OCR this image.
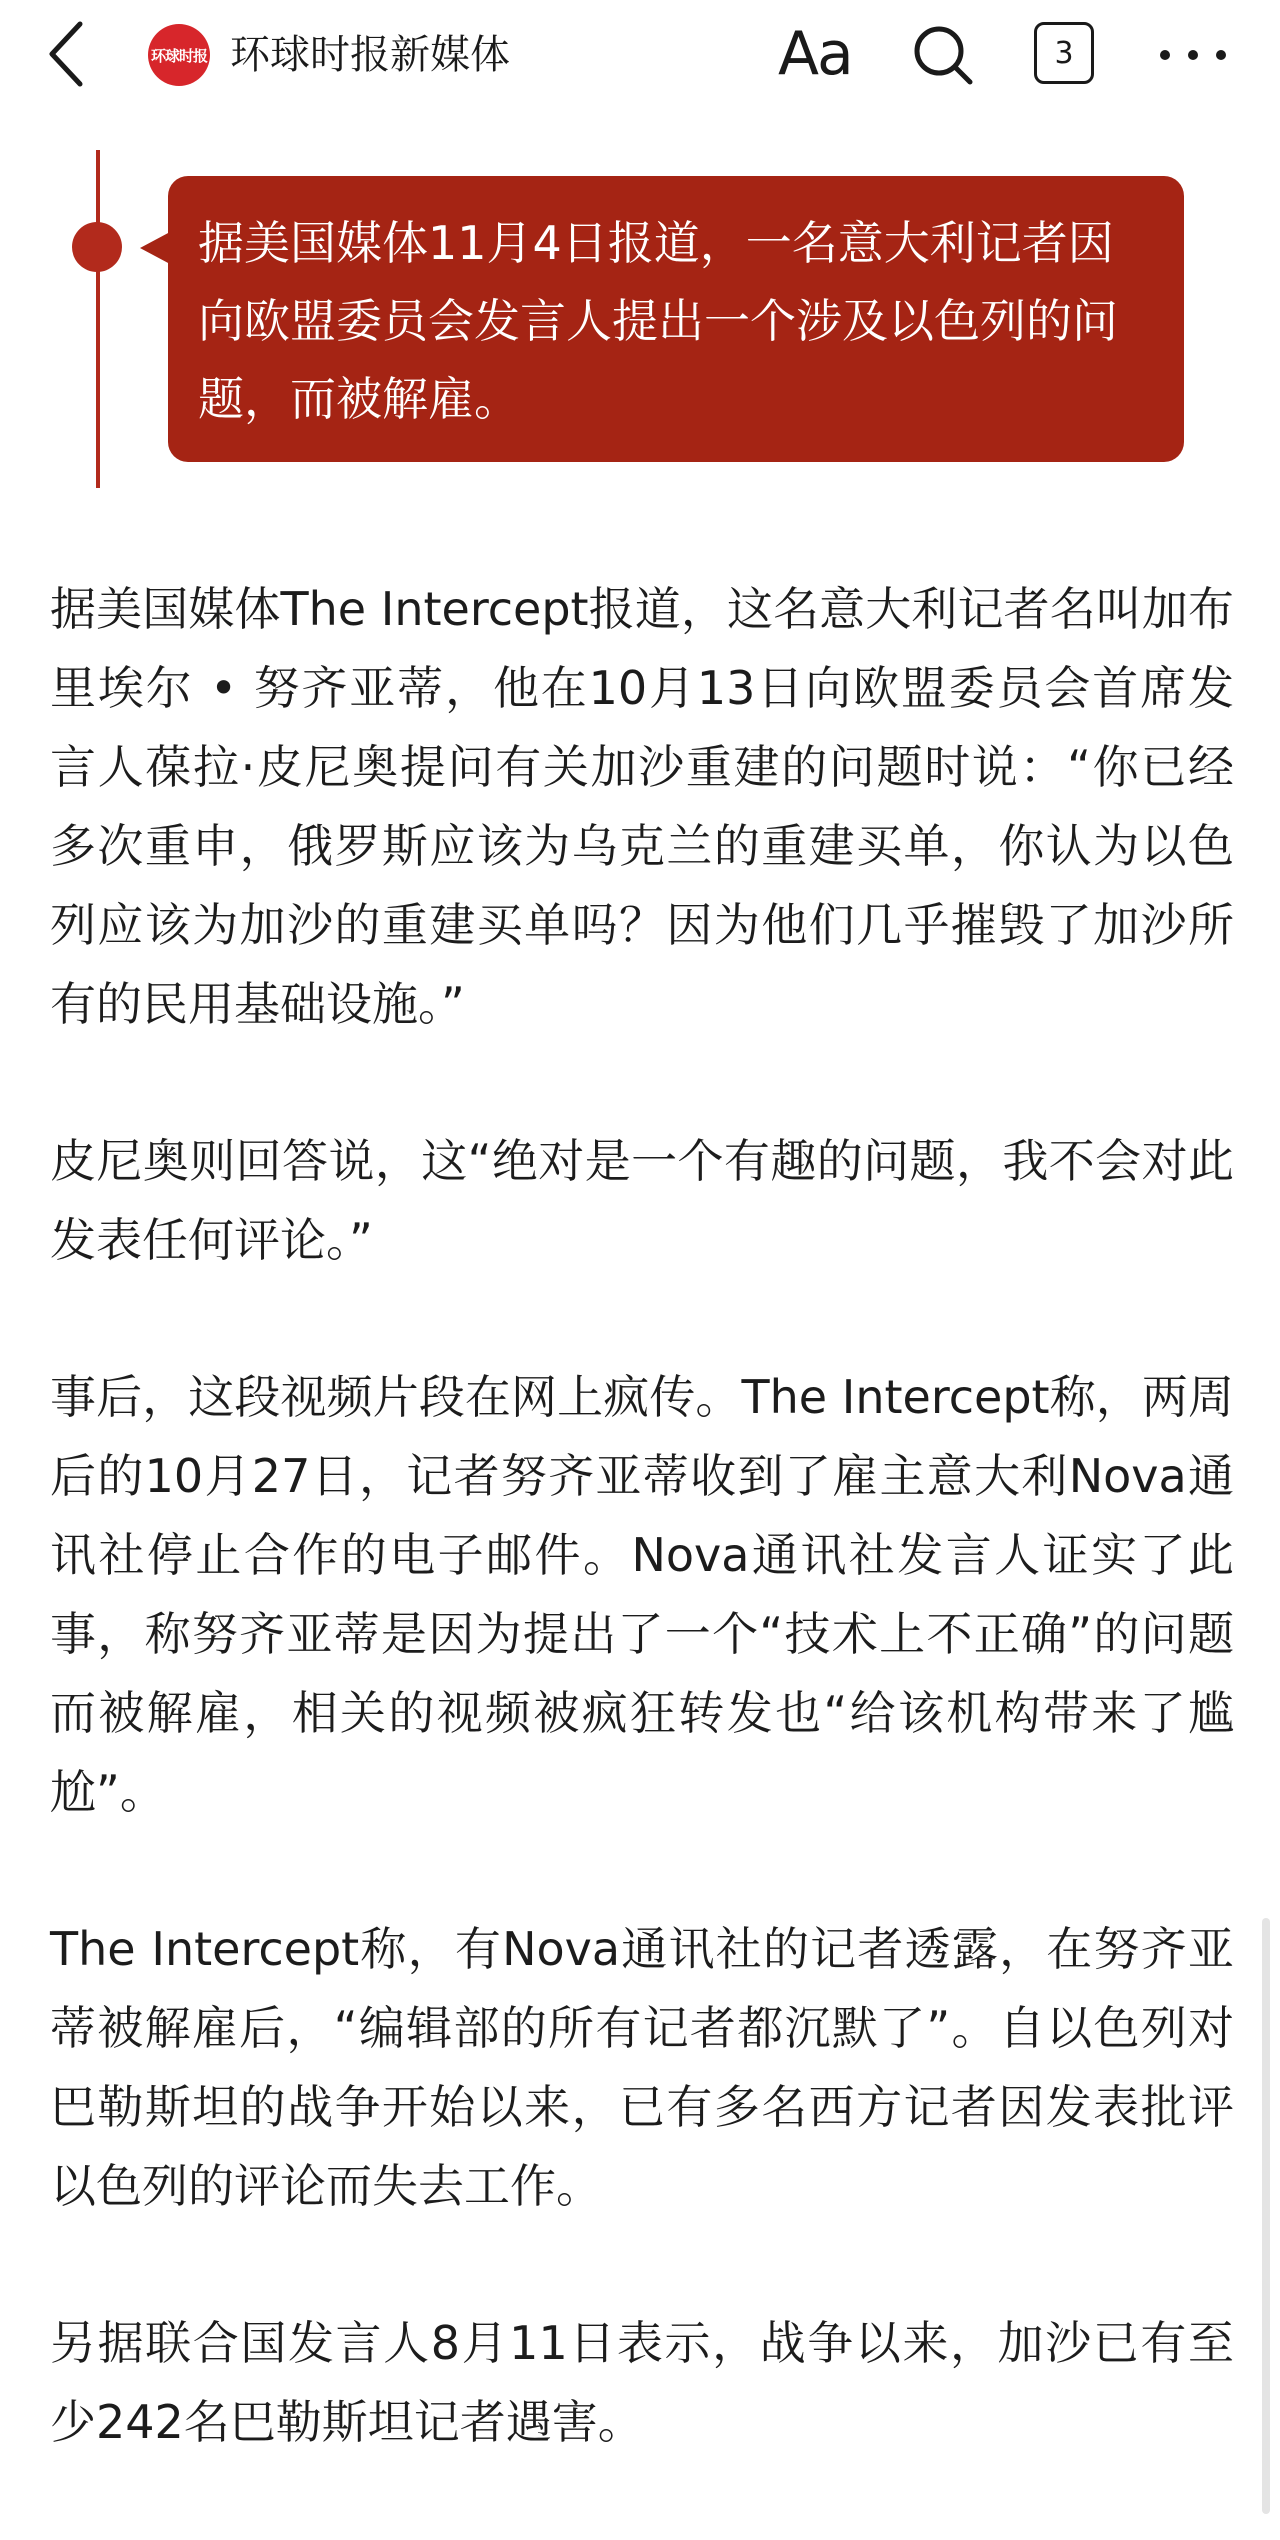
环球时报 环球时报新媒体	Aa	3

据美国媒体11月4日报道，一名意大利记者因向欧盟委员会发言人提出一个涉及以色列的问题，而被解雇。

据美国媒体The Intercept报道，这名意大利记者名叫加布里埃尔 • 努齐亚蒂，他在10月13日向欧盟委员会首席发言人葆拉·皮尼奥提问有关加沙重建的问题时说：“你已经多次重申，俄罗斯应该为乌克兰的重建买单，你认为以色列应该为加沙的重建买单吗？因为他们几乎摧毁了加沙所有的民用基础设施。”

皮尼奥则回答说，这“绝对是一个有趣的问题，我不会对此发表任何评论。”

事后，这段视频片段在网上疯传。The Intercept称，两周后的10月27日，记者努齐亚蒂收到了雇主意大利Nova通讯社停止合作的电子邮件。Nova通讯社发言人证实了此事，称努齐亚蒂是因为提出了一个“技术上不正确”的问题而被解雇，相关的视频被疯狂转发也“给该机构带来了尴尬”。

The Intercept称，有Nova通讯社的记者透露，在努齐亚蒂被解雇后，“编辑部的所有记者都沉默了”。自以色列对巴勒斯坦的战争开始以来，已有多名西方记者因发表批评以色列的评论而失去工作。

另据联合国发言人8月11日表示，战争以来，加沙已有至少242名巴勒斯坦记者遇害。
